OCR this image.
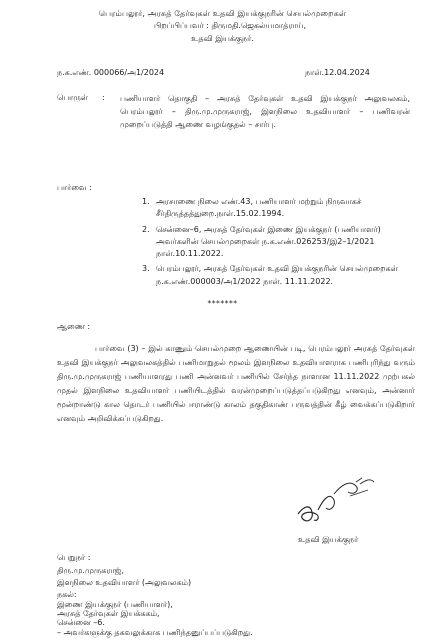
பெரம்பலூர், அரசுத் தேர்வுகள் உதவி இயக்குநரின் செயல்முறைகள்
பிறப்பிப்பவர் : திருமதி.ஜெகல்யமாத்ராய்,
உதவி இயக்குநர்.
ந.க.எண். 000066/அ1/2024	நாள்.12.04.2024
பொருள் : பணியாளர் தொகுதி – அரசுத் தேர்வுகள் உதவி இயக்குநர் அலுவலகம், பெரம்பலூர் – திரு.மு.முருகராஜ், இளநிலை உதவியாளர் – பணிவரன் முறைப்படுத்தி ஆணை வழங்குதல் – சார்பு.
பார்வை :
1. அரசாணை நிலை எண்.43, பணியாளர் மற்றும் நிருவாகச் சீர்திருத்தத்துறை.நாள்.15.02.1994.
2. சென்னை–6, அரசுத் தேர்வுகள் இணை இயக்குநர் (பணியாளர்) அவர்களின் செயல்முறைகள் ந.க.எண்.026253/இ2–1/2021 நாள்.10.11.2022.
3. பெரம்பலூர், அரசுத் தேர்வுகள் உதவி இயக்குநரின் செயல்முறைகள் ந.க.எண்.000003/அ1/2022 நாள். 11.11.2022.
*******
ஆணை :
பார்வை (3) – இல் காணும் செயல்முறை ஆணையின் படி, பெரம்பலூர் அரசுத் தேர்வுகள் உதவி இயக்குநர் அலுவலகத்தில் பணிமாறுதல் மூலம் இளநிலை உதவியாளராக பணிபுரிந்து வரும் திரு.மு.முருகராஜ் பணியாளரது பணி அன்னவர் பணியில் சேர்ந்த நாளான 11.11.2022 முற்பகல் முதல் இளநிலை உதவியாளர் பணியிடத்தில் வரன்முறைப்படுத்தப்படுகிறது எனவும், அன்னார் மூன்றாண்டு கால தொடர் பணியில் ஈராண்டு காலம் தகுதிகாண் பருவத்தின் கீழ் வைக்கப்படுகிறார் எனவும் அறிவிக்கப்படுகிறது.
உதவி இயக்குநர்
பெறுநர் :
திரு.மு.முருகராஜ்,
இளநிலை உதவியாளர் (அலுவலகம்)
நகல்:
இணை இயக்குநர் (பணியாளர்),
அரசுத் தேர்வுகள் இயக்ககம்,
சென்னை –6.
– அவர்களுக்கு தகவலுக்காக பணிந்தனுப்பப்படுகிறது.
